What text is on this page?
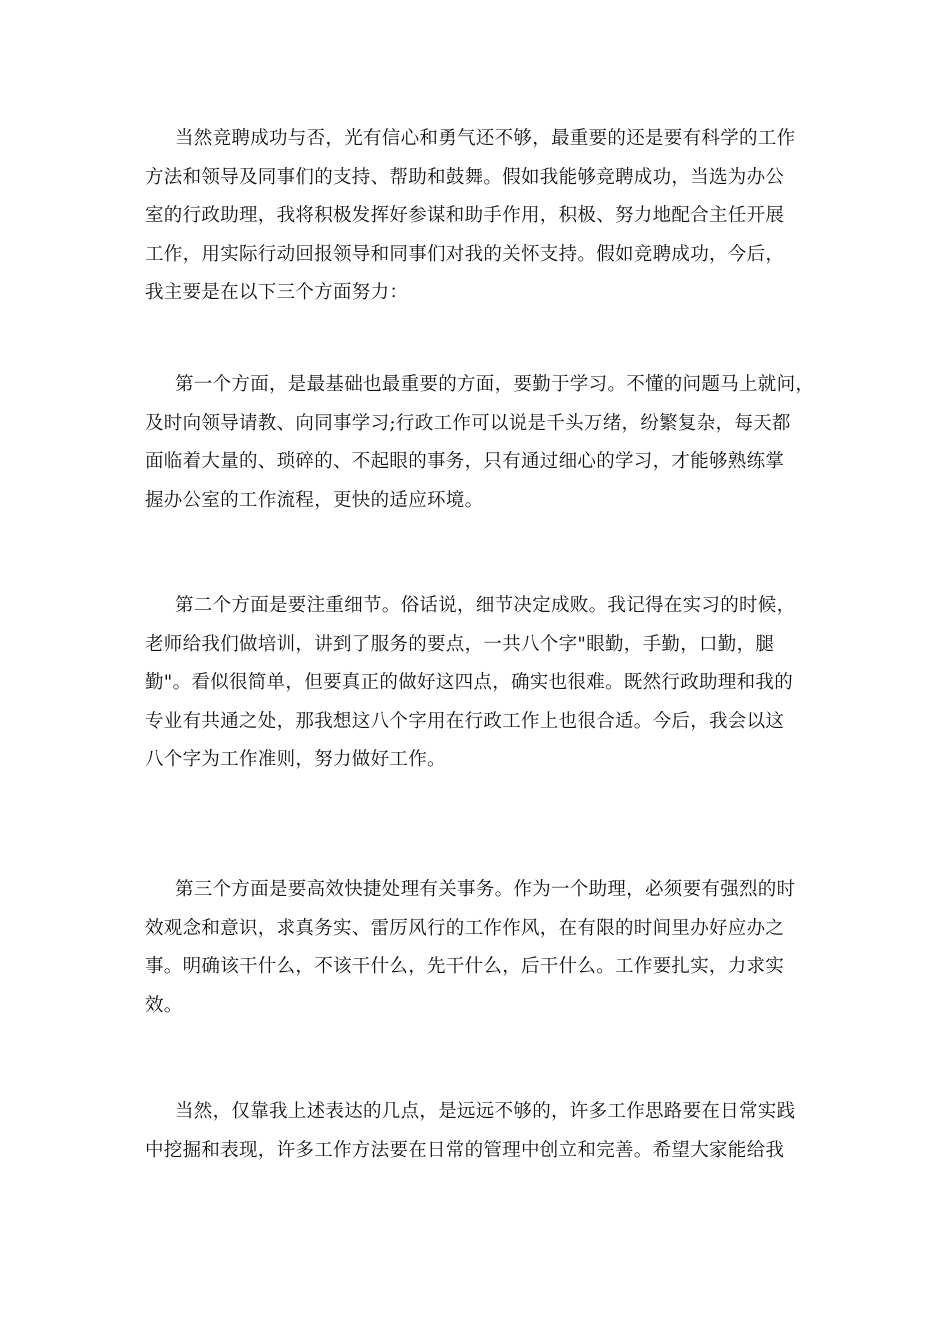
当然竞聘成功与否，光有信心和勇气还不够，最重要的还是要有科学的工作
方法和领导及同事们的支持、帮助和鼓舞。假如我能够竞聘成功，当选为办公
室的行政助理，我将积极发挥好参谋和助手作用，积极、努力地配合主任开展
工作，用实际行动回报领导和同事们对我的关怀支持。假如竞聘成功，今后，
我主要是在以下三个方面努力：
第一个方面，是最基础也最重要的方面，要勤于学习。不懂的问题马上就问，
及时向领导请教、向同事学习;行政工作可以说是千头万绪，纷繁复杂，每天都
面临着大量的、琐碎的、不起眼的事务，只有通过细心的学习，才能够熟练掌
握办公室的工作流程，更快的适应环境。
第二个方面是要注重细节。俗话说，细节决定成败。我记得在实习的时候，
老师给我们做培训，讲到了服务的要点，一共八个字"眼勤，手勤，口勤，腿
勤"。看似很简单，但要真正的做好这四点，确实也很难。既然行政助理和我的
专业有共通之处，那我想这八个字用在行政工作上也很合适。今后，我会以这
八个字为工作准则，努力做好工作。
第三个方面是要高效快捷处理有关事务。作为一个助理，必须要有强烈的时
效观念和意识，求真务实、雷厉风行的工作作风，在有限的时间里办好应办之
事。明确该干什么，不该干什么，先干什么，后干什么。工作要扎实，力求实
效。
当然，仅靠我上述表达的几点，是远远不够的，许多工作思路要在日常实践
中挖掘和表现，许多工作方法要在日常的管理中创立和完善。希望大家能给我
